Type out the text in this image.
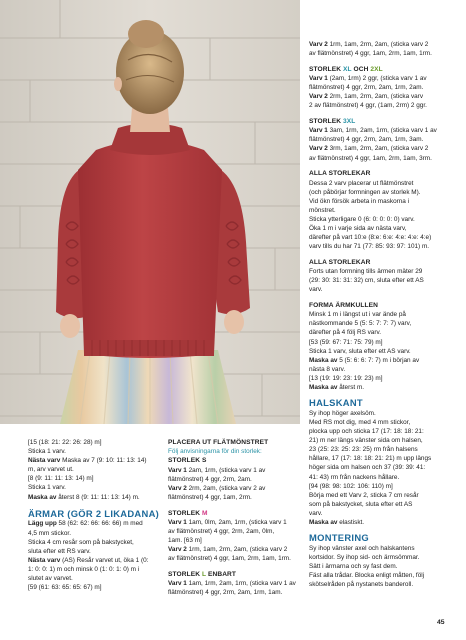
[15 (18: 21: 22: 26: 28) m]
Sticka 1 varv.
Nästa varv Maska av 7 (9: 10: 11: 13: 14)
m, arv varvet ut.
[8 (9: 11: 11: 13: 14) m]
Sticka 1 varv.
Maska av återst 8 (9: 11: 11: 13: 14) m.
ÄRMAR (GÖR 2 LIKADANA)
Lägg upp 58 (62: 62: 66: 66: 66) m med
4,5 mm stickor.
Sticka 4 cm resår som på bakstycket,
sluta efter ett RS varv.
Nästa varv (AS) Resår varvet ut, öka 1 (0:
1: 0: 0: 1) m och minsk 0 (1: 0: 1: 0) m i
slutet av varvet.
[59 (61: 63: 65: 65: 67) m]
PLACERA UT FLÄTMÖNSTRET
Följ anvisningarna för din storlek:
STORLEK S
Varv 1 2am, 1rm, (sticka varv 1 av
flätmönstret) 4 ggr, 2rm, 2am.
Varv 2 2rm, 2am, (sticka varv 2 av
flätmönstret) 4 ggr, 1am, 2rm.
STORLEK M
Varv 1 1am, 0lm, 2am, 1rm, (sticka varv 1
av flätmönstret) 4 ggr, 2rm, 2am, 0lm,
1am. [63 m]
Varv 2 1rm, 1am, 2rm, 2am, (sticka varv 2
av flätmönstret) 4 ggr, 1am, 2rm, 1am, 1rm.
STORLEK L ENBART
Varv 1 1am, 1rm, 2am, 1rm, (sticka varv 1 av
flätmönstret) 4 ggr, 2rm, 2am, 1rm, 1am.
Varv 2 1rm, 1am, 2rm, 2am, (sticka varv 2
av flätmönstret) 4 ggr, 1am, 2rm, 1am, 1rm.
STORLEK XL OCH 2XL
Varv 1 (2am, 1rm) 2 ggr, (sticka varv 1 av
flätmönstret) 4 ggr, 2rm, 2am, 1rm, 2am.
Varv 2 2rm, 1am, 2rm, 2am, (sticka varv
2 av flätmönstret) 4 ggr, (1am, 2rm) 2 ggr.
STORLEK 3XL
Varv 1 3am, 1rm, 2am, 1rm, (sticka varv 1 av
flätmönstret) 4 ggr, 2rm, 2am, 1rm, 3am.
Varv 2 3rm, 1am, 2rm, 2am, (sticka varv 2
av flätmönstret) 4 ggr, 1am, 2rm, 1am, 3rm.
ALLA STORLEKAR
Dessa 2 varv placerar ut flätmönstret
(och påbörjar formningen av storlek M).
Vid ökn försök arbeta in maskorna i
mönstret.
Sticka ytterligare 0 (6: 0: 0: 0: 0) varv.
Öka 1 m i varje sida av nästa varv,
därefter på vart 10:e (8:e: 6:e: 4:e: 4:e: 4:e)
varv tills du har 71 (77: 85: 93: 97: 101) m.
ALLA STORLEKAR
Forts utan formning tills ärmen mäter 29
(29: 30: 31: 31: 32) cm, sluta efter ett AS
varv.
FORMA ÄRMKULLEN
Minsk 1 m i längst ut i var ände på
nästkommande 5 (5: 5: 7: 7: 7) varv,
därefter på 4 följ RS varv.
[53 (59: 67: 71: 75: 79) m]
Sticka 1 varv, sluta efter ett AS varv.
Maska av 5 (5: 6: 6: 7: 7) m i början av
nästa 8 varv.
[13 (19: 19: 23: 19: 23) m]
Maska av återst m.
HALSKANT
Sy ihop höger axelsöm.
Med RS mot dig, med 4 mm stickor,
plocka upp och sticka 17 (17: 18: 18: 21:
21) m ner längs vänster sida om halsen,
23 (25: 23: 25: 23: 25) rm från halsens
hållare, 17 (17: 18: 18: 21: 21) m upp längs
höger sida om halsen och 37 (39: 39: 41:
41: 43) rm från nackens hållare.
[94 (98: 98: 102: 106: 110) m]
Börja med ett Varv 2, sticka 7 cm resår
som på bakstycket, sluta efter ett AS
varv.
Maska av elastiskt.
MONTERING
Sy ihop vänster axel och halskantens
kortsidor. Sy ihop sid- och ärmsömmar.
Sätt i ärmarna och sy fast dem.
Fäst alla trådar. Blocka enligt måtten, följ
skötselråden på nystanets banderoll.
45
